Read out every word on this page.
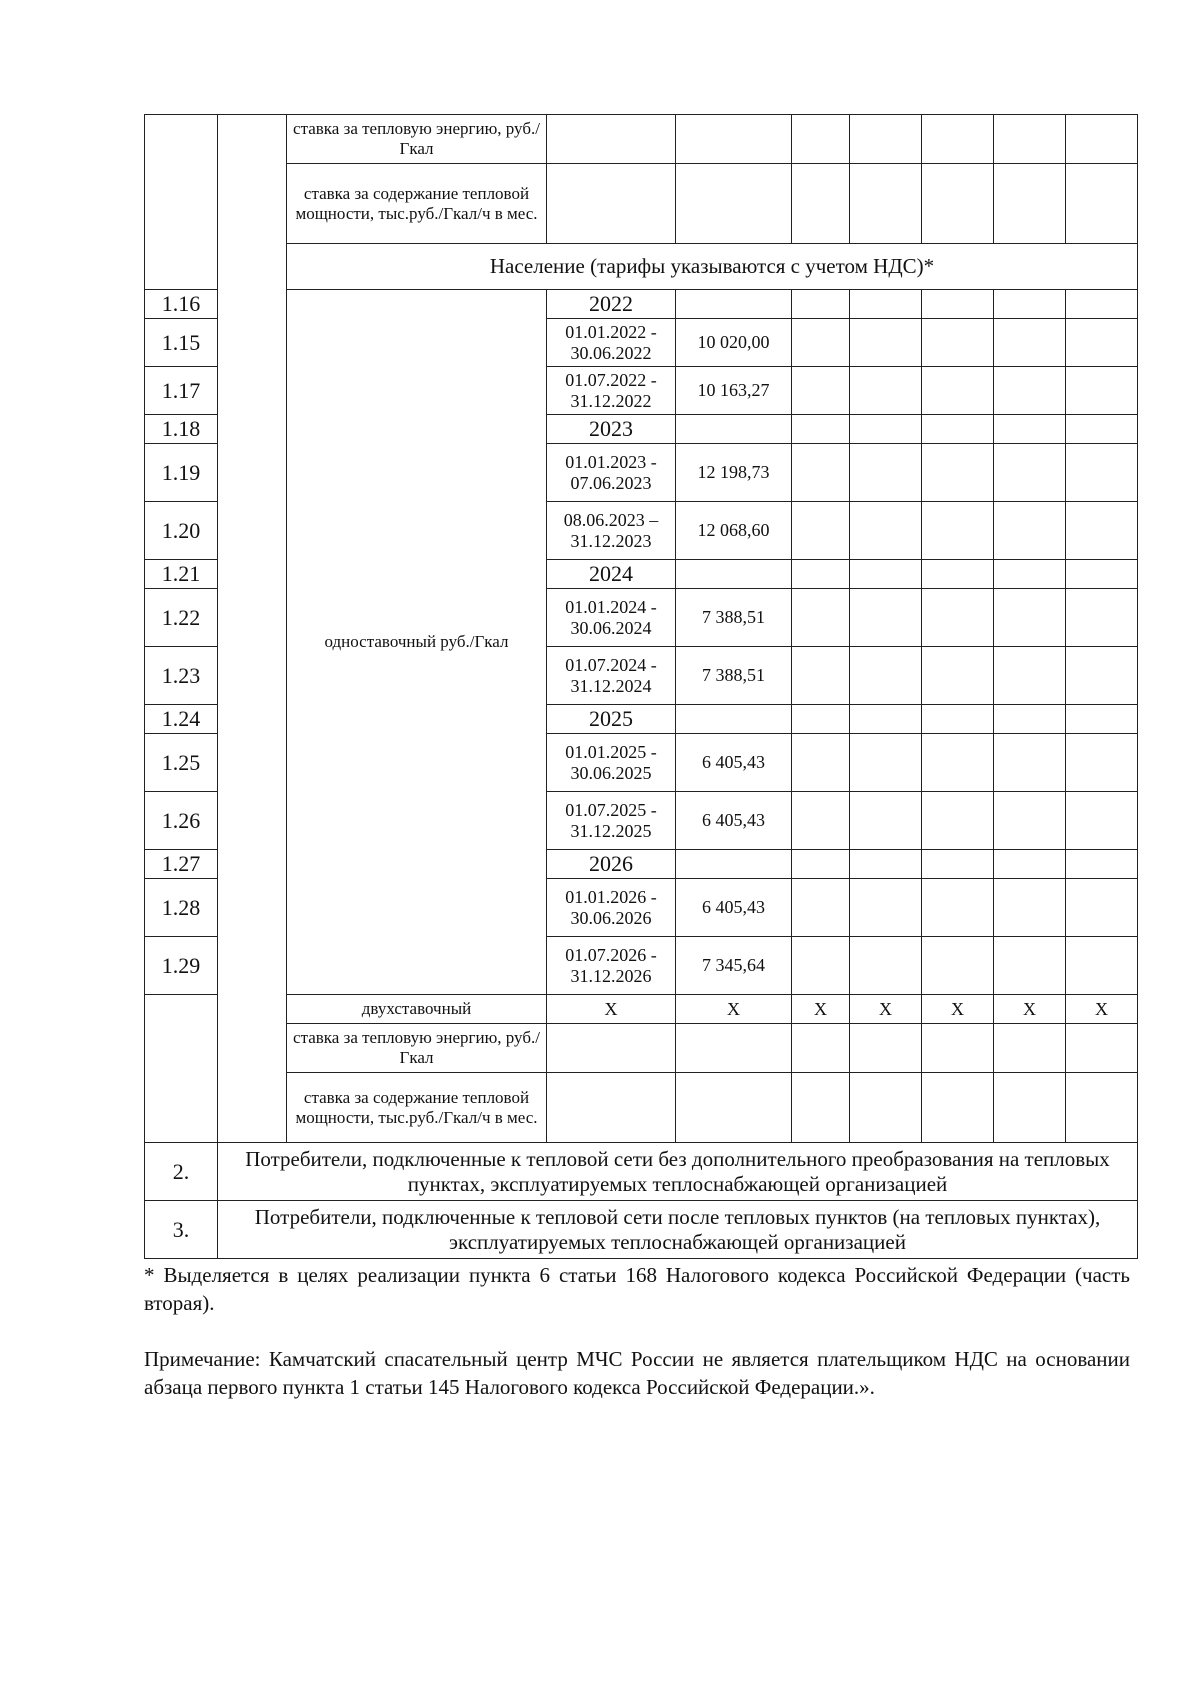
		ставка за тепловую энергию, руб./Гкал							
		ставка за содержание тепловой мощности, тыс.руб./Гкал/ч в мес.							
		Население (тарифы указываются с учетом НДС)*							
1.16		одноставочный руб./Гкал	2022						
1.15			01.01.2022 - 30.06.2022	10 020,00					
1.17			01.07.2022 - 31.12.2022	10 163,27					
1.18			2023						
1.19			01.01.2023 - 07.06.2023	12 198,73					
1.20			08.06.2023 – 31.12.2023	12 068,60					
1.21			2024						
1.22			01.01.2024 - 30.06.2024	7 388,51					
1.23			01.07.2024 - 31.12.2024	7 388,51					
1.24			2025						
1.25			01.01.2025 - 30.06.2025	6 405,43					
1.26			01.07.2025 - 31.12.2025	6 405,43					
1.27			2026						
1.28			01.01.2026 - 30.06.2026	6 405,43					
1.29			01.07.2026 - 31.12.2026	7 345,64					
		двухставочный	Х	Х	Х	Х	Х	Х	Х
		ставка за тепловую энергию, руб./Гкал							
		ставка за содержание тепловой мощности, тыс.руб./Гкал/ч в мес.							
2.	Потребители, подключенные к тепловой сети без дополнительного преобразования на тепловых пунктах, эксплуатируемых теплоснабжающей организацией								
3.	Потребители, подключенные к тепловой сети после тепловых пунктов (на тепловых пунктах), эксплуатируемых теплоснабжающей организацией								

* Выделяется в целях реализации пункта 6 статьи 168 Налогового кодекса Российской Федерации (часть вторая).

Примечание: Камчатский спасательный центр МЧС России не является плательщиком НДС на основании абзаца первого пункта 1 статьи 145 Налогового кодекса Российской Федерации.».
